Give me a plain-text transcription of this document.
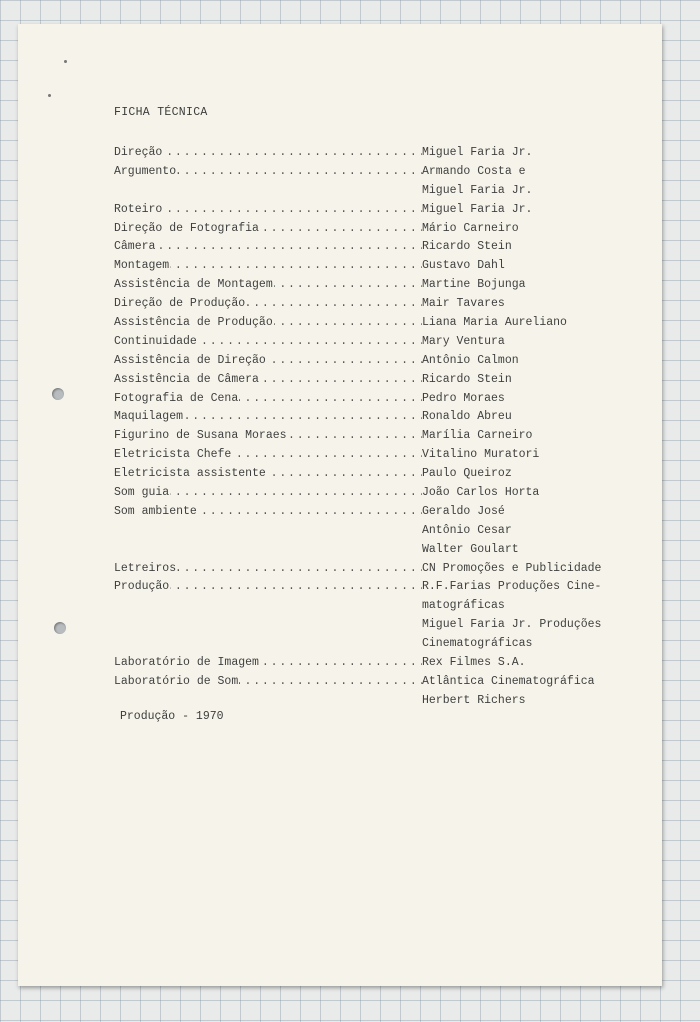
FICHA TÉCNICA
Direção .....	Miguel Faria Jr.
Argumento .....	Armando Costa e
Miguel Faria Jr.
Roteiro .....	Miguel Faria Jr.
Direção de Fotografia .....	Mário Carneiro
Câmera .....	Ricardo Stein
Montagem .....	Gustavo Dahl
Assistência de Montagem .....	Martine Bojunga
Direção de Produção .....	Mair Tavares
Assistência de Produção .....	Liana Maria Aureliano
Continuidade .....	Mary Ventura
Assistência de Direção .....	Antônio Calmon
Assistência de Câmera .....	Ricardo Stein
Fotografia de Cena .....	Pedro Moraes
Maquilagem .....	Ronaldo Abreu
Figurino de Susana Moraes .....	Marília Carneiro
Eletricista Chefe .....	Vitalino Muratori
Eletricista assistente .....	Paulo Queiroz
Som guia .....	João Carlos Horta
Som ambiente .....	Geraldo José
Antônio Cesar
Walter Goulart
Letreiros .....	CN Promoções e Publicidade
Produção .....	R.F.Farias Produções Cine-
matográficas
Miguel Faria Jr. Produções
Cinematográficas
Laboratório de Imagem .....	Rex Filmes S.A.
Laboratório de Som .....	Atlântica Cinematográfica
Herbert Richers
Produção - 1970
